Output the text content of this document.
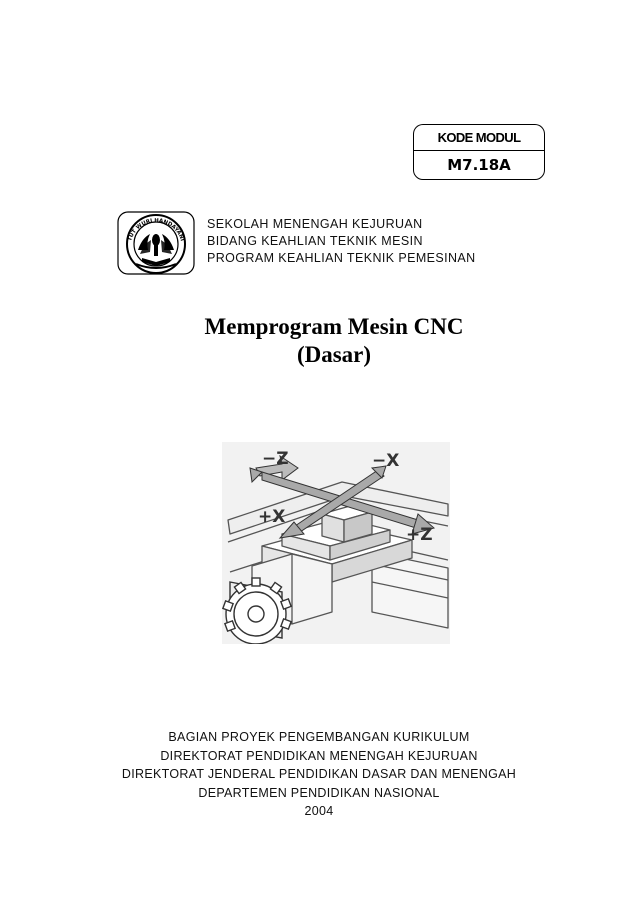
KODE MODUL
M7.18A
TUT WURI HANDAYANI
SEKOLAH MENENGAH KEJURUAN
BIDANG KEAHLIAN TEKNIK MESIN
PROGRAM KEAHLIAN TEKNIK PEMESINAN
Memprogram Mesin CNC
(Dasar)
−Z	−X
+X
+Z
BAGIAN PROYEK PENGEMBANGAN KURIKULUM
DIREKTORAT PENDIDIKAN MENENGAH KEJURUAN
DIREKTORAT JENDERAL PENDIDIKAN DASAR DAN MENENGAH
DEPARTEMEN PENDIDIKAN NASIONAL
2004
